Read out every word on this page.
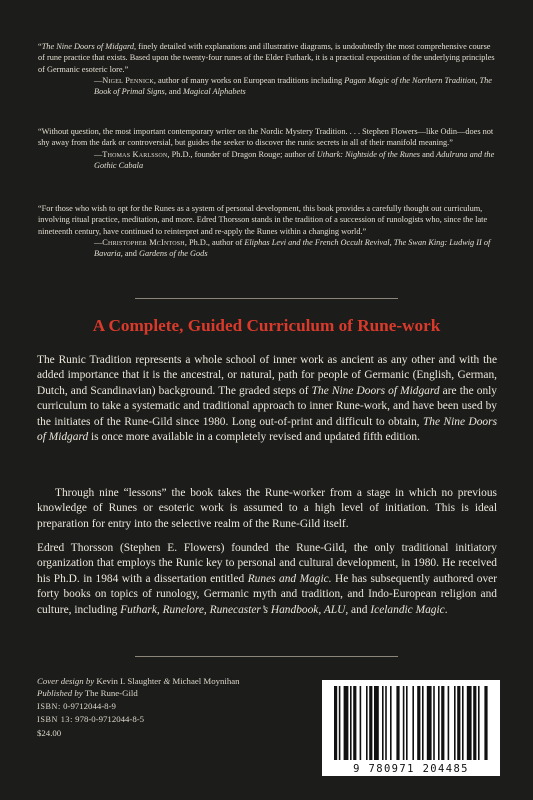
“The Nine Doors of Midgard, finely detailed with explanations and illustrative diagrams, is undoubtedly the most comprehensive course of rune practice that exists. Based upon the twenty-four runes of the Elder Futhark, it is a practical exposition of the underlying principles of Germanic esoteric lore.”
—Nigel Pennick, author of many works on European traditions including Pagan Magic of the Northern Tradition, The Book of Primal Signs, and Magical Alphabets
“Without question, the most important contemporary writer on the Nordic Mystery Tradition. . . . Stephen Flowers—like Odin—does not shy away from the dark or controversial, but guides the seeker to discover the runic secrets in all of their manifold meaning.”
—Thomas Karlsson, Ph.D., founder of Dragon Rouge; author of Uthark: Nightside of the Runes and Adulruna and the Gothic Cabala
“For those who wish to opt for the Runes as a system of personal development, this book provides a carefully thought out curriculum, involving ritual practice, meditation, and more. Edred Thorsson stands in the tradition of a succession of runologists who, since the late nineteenth century, have continued to reinterpret and re-apply the Runes within a changing world.”
—Christopher McIntosh, Ph.D., author of Eliphas Levi and the French Occult Revival, The Swan King: Ludwig II of Bavaria, and Gardens of the Gods
A Complete, Guided Curriculum of Rune-work
The Runic Tradition represents a whole school of inner work as ancient as any other and with the added importance that it is the ancestral, or natural, path for people of Germanic (English, German, Dutch, and Scandinavian) background. The graded steps of The Nine Doors of Midgard are the only curriculum to take a systematic and traditional approach to inner Rune-work, and have been used by the initiates of the Rune-Gild since 1980. Long out-of-print and difficult to obtain, The Nine Doors of Midgard is once more available in a completely revised and updated fifth edition.
Through nine “lessons” the book takes the Rune-worker from a stage in which no previous knowledge of Runes or esoteric work is assumed to a high level of initiation. This is ideal preparation for entry into the selective realm of the Rune-Gild itself.
Edred Thorsson (Stephen E. Flowers) founded the Rune-Gild, the only traditional initiatory organization that employs the Runic key to personal and cultural development, in 1980. He received his Ph.D. in 1984 with a dissertation entitled Runes and Magic. He has subsequently authored over forty books on topics of runology, Germanic myth and tradition, and Indo-European religion and culture, including Futhark, Runelore, Runecaster’s Handbook, ALU, and Icelandic Magic.
Cover design by Kevin I. Slaughter & Michael Moynihan
Published by The Rune-Gild
ISBN: 0-9712044-8-9
ISBN 13: 978-0-9712044-8-5
$24.00
9 780971 204485
